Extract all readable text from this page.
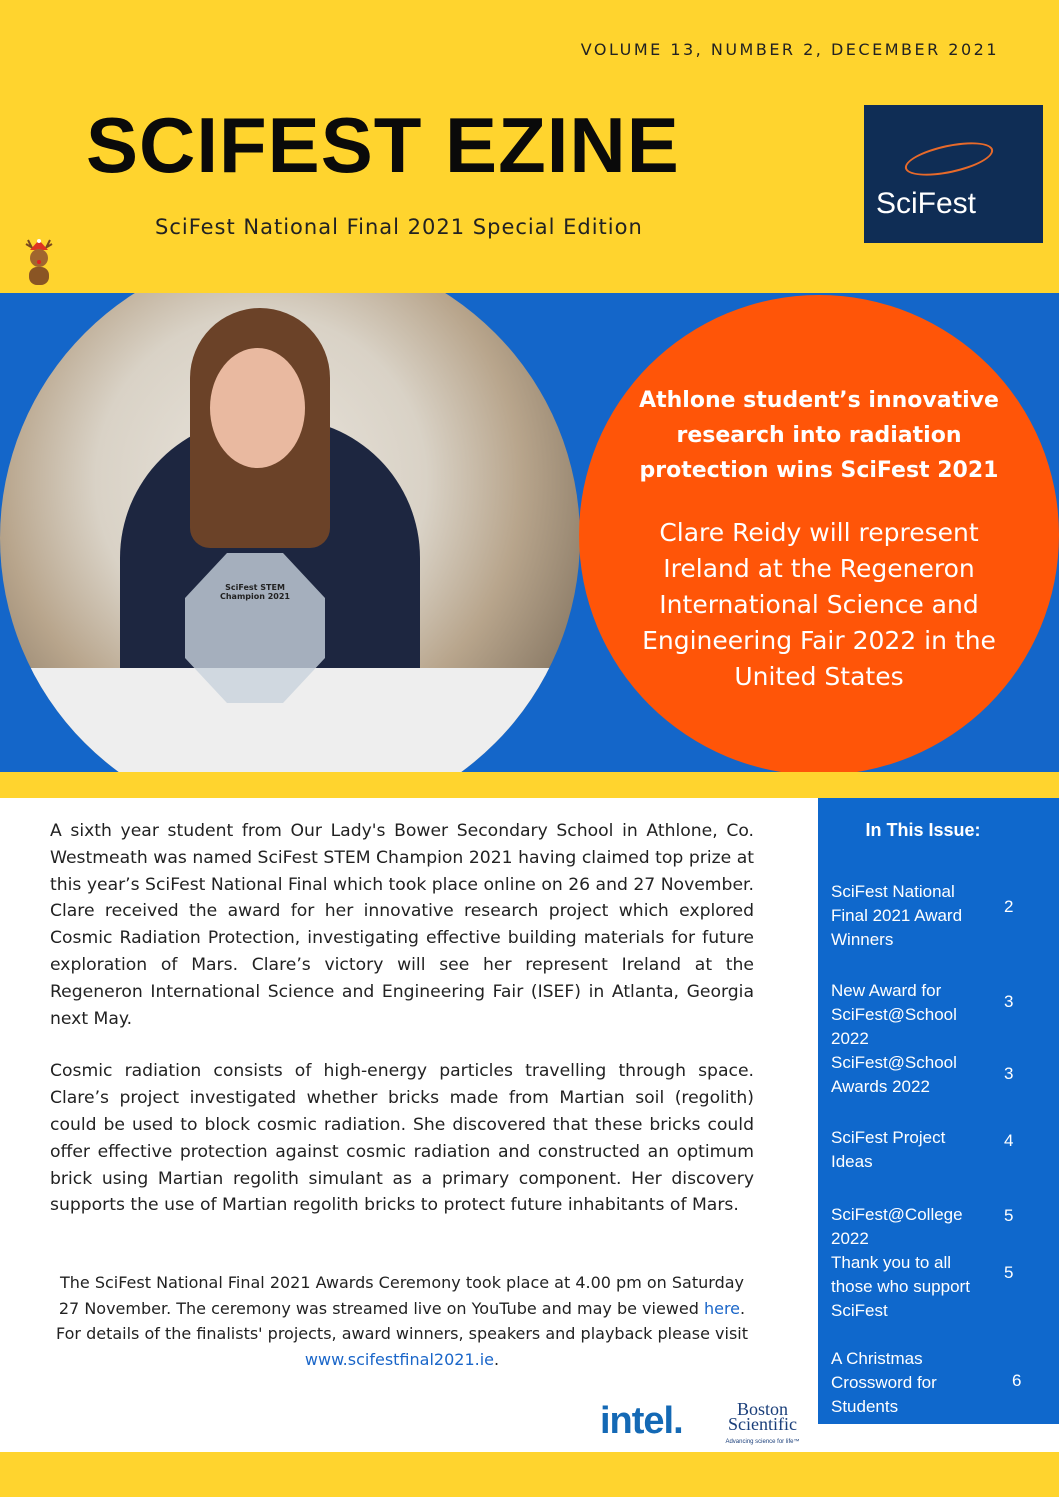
VOLUME 13, NUMBER 2, DECEMBER 2021
SCIFEST EZINE
SciFest National Final 2021 Special Edition
SciFest
SciFest STEM Champion 2021
Athlone student’s innovative research into radiation protection wins SciFest 2021
Clare Reidy will represent Ireland at the Regeneron International Science and Engineering Fair 2022 in the United States

A sixth year student from Our Lady's Bower Secondary School in Athlone, Co. Westmeath was named SciFest STEM Champion 2021 having claimed top prize at this year’s SciFest National Final which took place online on 26 and 27 November. Clare received the award for her innovative research project which explored Cosmic Radiation Protection, investigating effective building materials for future exploration of Mars. Clare’s victory will see her represent Ireland at the Regeneron International Science and Engineering Fair (ISEF) in Atlanta, Georgia next May.

Cosmic radiation consists of high-energy particles travelling through space. Clare’s project investigated whether bricks made from Martian soil (regolith) could be used to block cosmic radiation. She discovered that these bricks could offer effective protection against cosmic radiation and constructed an optimum brick using Martian regolith simulant as a primary component. Her discovery supports the use of Martian regolith bricks to protect future inhabitants of Mars.

The SciFest National Final 2021 Awards Ceremony took place at 4.00 pm on Saturday 27 November. The ceremony was streamed live on YouTube and may be viewed here.
For details of the finalists' projects, award winners, speakers and playback please visit www.scifestfinal2021.ie.
In This Issue:
SciFest National Final 2021 Award Winners
2
New Award for SciFest@School 2022
3
SciFest@School Awards 2022
3
SciFest Project Ideas
4
SciFest@College 2022
5
Thank you to all those who support SciFest
5
A Christmas Crossword for Students
6
intel.	Boston Scientific
Advancing science for life™
